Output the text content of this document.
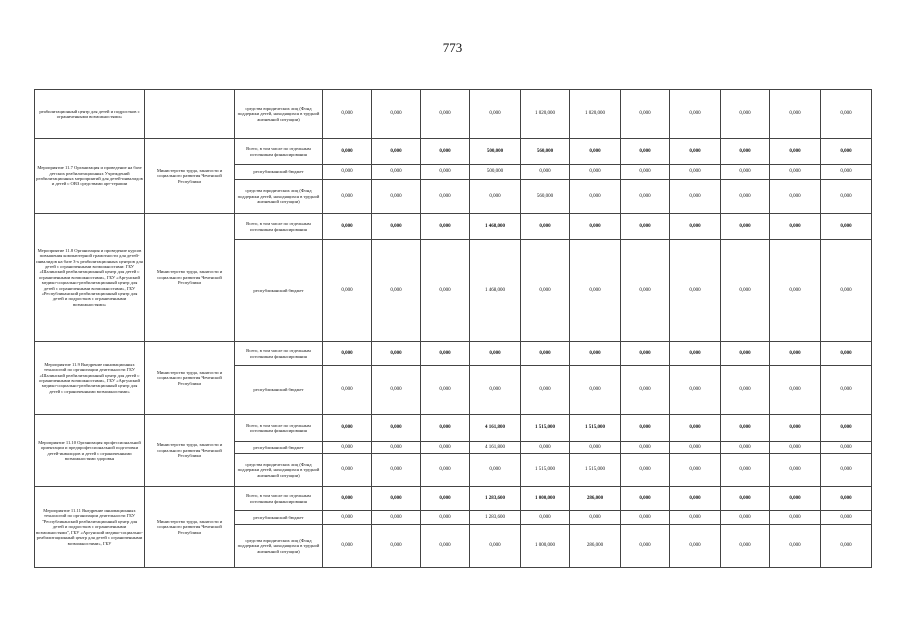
773
реабилитационный центр для детей и подростков с ограниченными возможностями»		средства юридических лиц (Фонд поддержки детей, находящихся в трудной жизненной ситуации)	0,000	0,000	0,000	0,000	1 020,000	1 020,000	0,000	0,000	0,000	0,000	0,000
Мероприятие 11.7 Организация и проведение на базе детских реабилитационных Учреждений реабилитационных мероприятий для детей-инвалидов и детей с ОВЗ средствами арт-терапии	Министерство труда, занятости и социального развития Чеченской Республики	Всего, в том числе по отдельным источникам финансирования	0,000	0,000	0,000	500,000	560,000	0,000	0,000	0,000	0,000	0,000	0,000
		республиканский бюджет	0,000	0,000	0,000	500,000	0,000	0,000	0,000	0,000	0,000	0,000	0,000
		средства юридических лиц (Фонд поддержки детей, находящихся в трудной жизненной ситуации)	0,000	0,000	0,000	0,000	560,000	0,000	0,000	0,000	0,000	0,000	0,000
Мероприятие 11.8 Организация и проведение курсов повышения компьютерной грамотности для детей-инвалидов на базе 3-х реабилитационных центров для детей с ограниченными возможностями: ГБУ «Шалинский реабилитационный центр для детей с ограниченными возможностями», ГБУ «Аргунский медико-социально-реабилитационный центр для детей с ограниченными возможностями», ГБУ «Республиканский реабилитационный центр для детей и подростков с ограниченными возможностями»	Министерство труда, занятости и социального развития Чеченской Республики	Всего, в том числе по отдельным источникам финансирования	0,000	0,000	0,000	1 468,000	0,000	0,000	0,000	0,000	0,000	0,000	0,000
		республиканский бюджет	0,000	0,000	0,000	1 468,000	0,000	0,000	0,000	0,000	0,000	0,000	0,000
Мероприятие 11.9 Внедрение инновационных технологий по организации деятельности ГБУ «Шалинский реабилитационный центр для детей с ограниченными возможностями», ГБУ «Аргунский медико-социально-реабилитационный центр для детей с ограниченными возможностями»	Министерство труда, занятости и социального развития Чеченской Республики	Всего, в том числе по отдельным источникам финансирования	0,000	0,000	0,000	0,000	0,000	0,000	0,000	0,000	0,000	0,000	0,000
		республиканский бюджет	0,000	0,000	0,000	0,000	0,000	0,000	0,000	0,000	0,000	0,000	0,000
Мероприятие 11.10 Организация профессиональной ориентации и предпрофессиональной подготовки детей-инвалидов и детей с ограниченными возможностями здоровья	Министерство труда, занятости и социального развития Чеченской Республики	Всего, в том числе по отдельным источникам финансирования	0,000	0,000	0,000	4 161,800	1 515,000	1 515,000	0,000	0,000	0,000	0,000	0,000
		республиканский бюджет	0,000	0,000	0,000	4 161,800	0,000	0,000	0,000	0,000	0,000	0,000	0,000
		средства юридических лиц (Фонд поддержки детей, находящихся в трудной жизненной ситуации)	0,000	0,000	0,000	0,000	1 515,000	1 515,000	0,000	0,000	0,000	0,000	0,000
Мероприятие 11.11 Внедрение инновационных технологий по организации деятельности ГБУ "Республиканский реабилитационный центр для детей и подростков с ограниченными возможностями", ГБУ «Аргунский медико-социально-реабилитационный центр для детей с ограниченными возможностями», ГБУ	Министерство труда, занятости и социального развития Чеченской Республики	Всего, в том числе по отдельным источникам финансирования	0,000	0,000	0,000	1 283,600	1 000,000	286,000	0,000	0,000	0,000	0,000	0,000
		республиканский бюджет	0,000	0,000	0,000	1 283,600	0,000	0,000	0,000	0,000	0,000	0,000	0,000
		средства юридических лиц (Фонд поддержки детей, находящихся в трудной жизненной ситуации)	0,000	0,000	0,000	0,000	1 000,000	286,000	0,000	0,000	0,000	0,000	0,000
